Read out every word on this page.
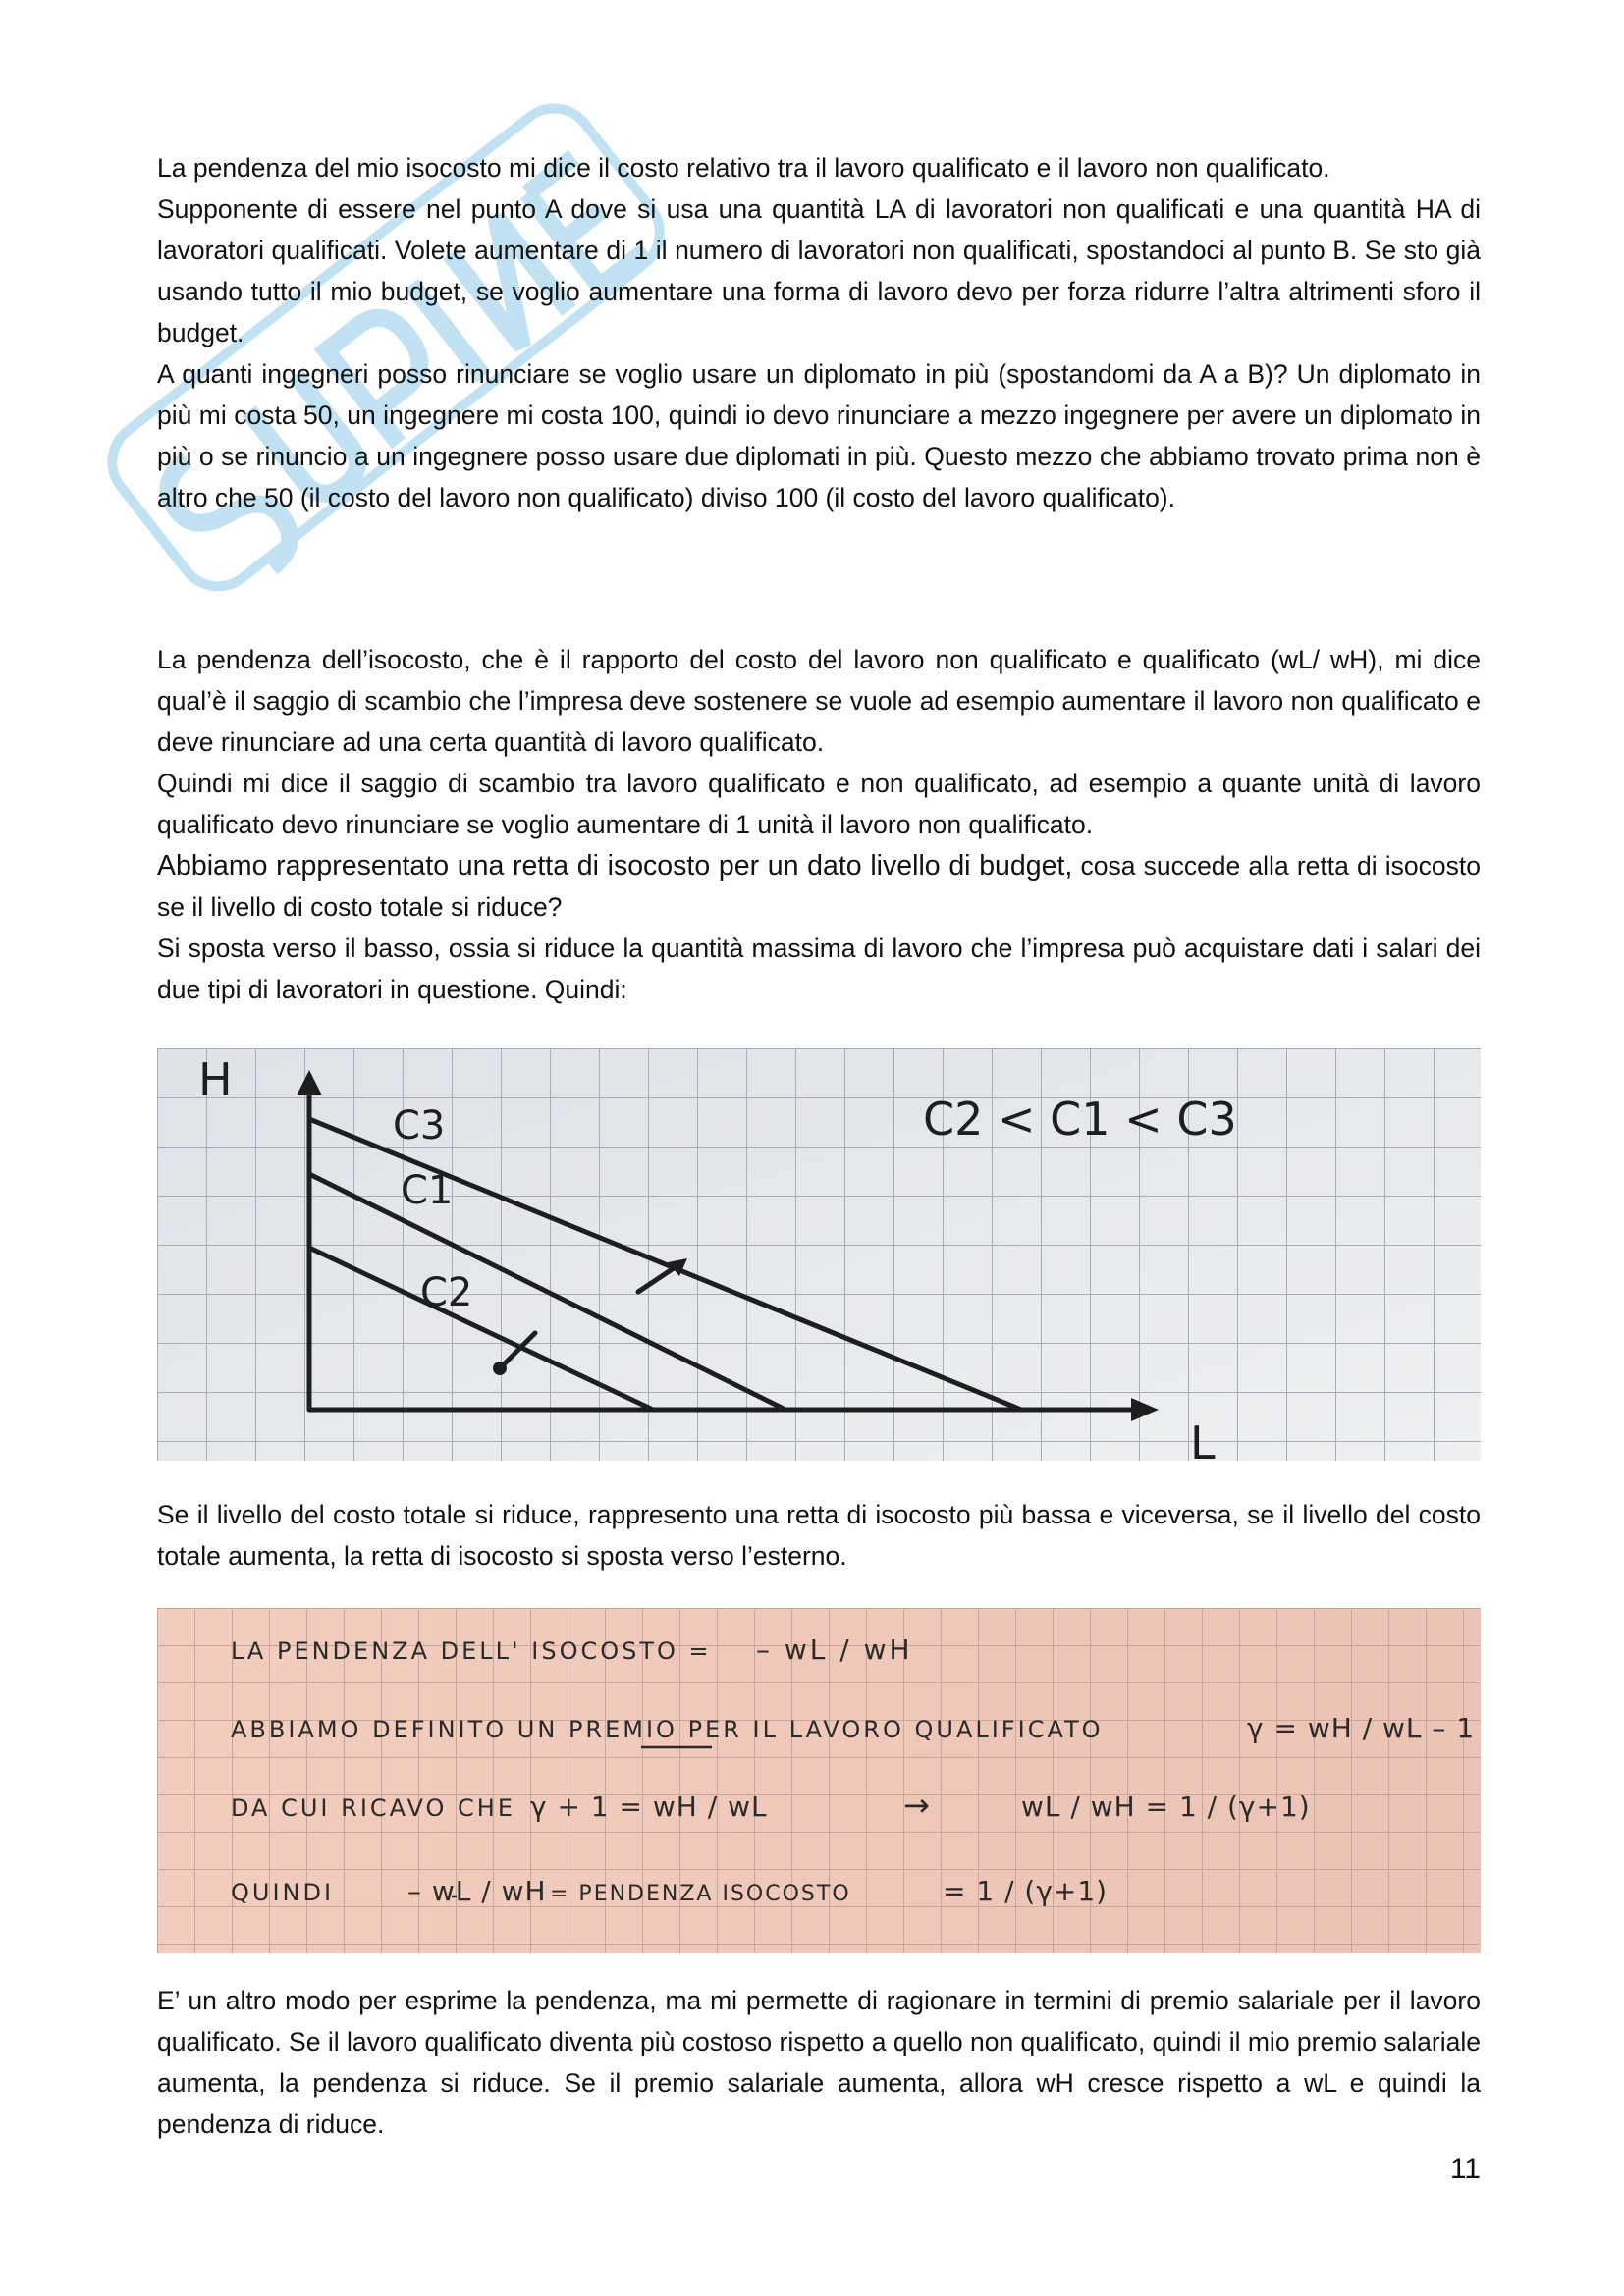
La pendenza del mio isocosto mi dice il costo relativo tra il lavoro qualificato e il lavoro non qualificato.

Supponente di essere nel punto A dove si usa una quantità LA di lavoratori non qualificati e una quantità HA di lavoratori qualificati. Volete aumentare di 1 il numero di lavoratori non qualificati, spostandoci al punto B. Se sto già usando tutto il mio budget, se voglio aumentare una forma di lavoro devo per forza ridurre l’altra altrimenti sforo il budget.

A quanti ingegneri posso rinunciare se voglio usare un diplomato in più (spostandomi da A a B)? Un diplomato in più mi costa 50, un ingegnere mi costa 100, quindi io devo rinunciare a mezzo ingegnere per avere un diplomato in più o se rinuncio a un ingegnere posso usare due diplomati in più. Questo mezzo che abbiamo trovato prima non è altro che 50 (il costo del lavoro non qualificato) diviso 100 (il costo del lavoro qualificato).

La pendenza dell’isocosto, che è il rapporto del costo del lavoro non qualificato e qualificato (wL/ wH), mi dice qual’è il saggio di scambio che l’impresa deve sostenere se vuole ad esempio aumentare il lavoro non qualificato e deve rinunciare ad una certa quantità di lavoro qualificato.

Quindi mi dice il saggio di scambio tra lavoro qualificato e non qualificato, ad esempio a quante unità di lavoro qualificato devo rinunciare se voglio aumentare di 1 unità il lavoro non qualificato.

Abbiamo rappresentato una retta di isocosto per un dato livello di budget, cosa succede alla retta di isocosto se il livello di costo totale si riduce?

Si sposta verso il basso, ossia si riduce la quantità massima di lavoro che l’impresa può acquistare dati i salari dei due tipi di lavoratori in questione. Quindi:

H
L
C3
C1
C2
C2 < C1 < C3

Se il livello del costo totale si riduce, rappresento una retta di isocosto più bassa e viceversa, se il livello del costo totale aumenta, la retta di isocosto si sposta verso l’esterno.

LA PENDENZA DELL' ISOCOSTO = – wL / wH
ABBIAMO DEFINITO UN PREMIO PER IL LAVORO QUALIFICATO	γ = wH / wL – 1
DA CUI RICAVO CHE γ + 1 = wH / wL	→	wL / wH = 1 / (γ+1)
QUINDI	– wL / wH = PENDENZA ISOCOSTO	= 1 / (γ+1)

E’ un altro modo per esprime la pendenza, ma mi permette di ragionare in termini di premio salariale per il lavoro qualificato. Se il lavoro qualificato diventa più costoso rispetto a quello non qualificato, quindi il mio premio salariale aumenta, la pendenza si riduce. Se il premio salariale aumenta, allora wH cresce rispetto a wL e quindi la pendenza di riduce.

11
